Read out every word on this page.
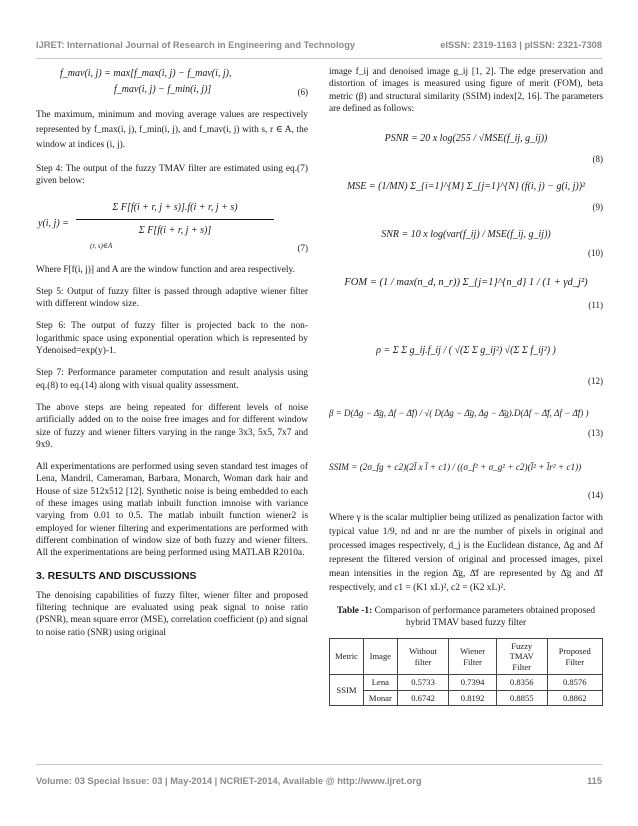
IJRET: International Journal of Research in Engineering and Technology	eISSN: 2319-1163 | pISSN: 2321-7308
f_mav(i, j) = max[f_max(i, j) − f_mav(i, j),
f_mav(i, j) − f_min(i, j)]	(6)

The maximum, minimum and moving average values are respectively represented by f_max(i, j), f_min(i, j), and f_mav(i, j) with s, r ∈ A, the window at indices (i, j).

Step 4: The output of the fuzzy TMAV filter are estimated using eq.(7) given below:

y(i, j) =
Σ F[f(i + r, j + s)].f(i + r, j + s)
Σ F[f(i + r, j + s)]
(r, s)∈A	(7)

Where F[f(i, j)] and A are the window function and area respectively.

Step 5: Output of fuzzy filter is passed through adaptive wiener filter with different window size.

Step 6: The output of fuzzy filter is projected back to the non-logarithmic space using exponential operation which is represented by Ydenoised=exp(y)-1.

Step 7: Performance parameter computation and result analysis using eq.(8) to eq.(14) along with visual quality assessment.

The above steps are being repeated for different levels of noise artificially added on to the noise free images and for different window size of fuzzy and wiener filters varying in the range 3x3, 5x5, 7x7 and 9x9.

All experimentations are performed using seven standard test images of Lena, Mandril, Cameraman, Barbara, Monarch, Woman dark hair and House of size 512x512 [12]. Synthetic noise is being embedded to each of these images using matlab inbuilt function imnoise with variance varying from 0.01 to 0.5. The matlab inbuilt function wiener2 is employed for wiener filtering and experimentations are performed with different combination of window size of both fuzzy and wiener filters. All the experimentations are being performed using MATLAB R2010a.

3. RESULTS AND DISCUSSIONS

The denoising capabilities of fuzzy filter, wiener filter and proposed filtering technique are evaluated using peak signal to noise ratio (PSNR), mean square error (MSE), correlation coefficient (ρ) and signal to noise ratio (SNR) using original

image f_ij and denoised image g_ij [1, 2]. The edge preservation and distortion of images is measured using figure of merit (FOM), beta metric (β) and structural similarity (SSIM) index[2, 16]. The parameters are defined as follows:

PSNR = 20 x log(255 / √MSE(f_ij, g_ij))
(8)
MSE = (1/MN) Σ_{i=1}^{M} Σ_{j=1}^{N} (f(i, j) − g(i, j))²
(9)
SNR = 10 x log(var(f_ij) / MSE(f_ij, g_ij))
(10)
FOM = (1 / max(n_d, n_r)) Σ_{j=1}^{n_d} 1 / (1 + γd_j²)
(11)
ρ = Σ Σ g_ij.f_ij / ( √(Σ Σ g_ij²) √(Σ Σ f_ij²) )
(12)
β = D(Δg − Δ̄g, Δf − Δ̄f) / √( D(Δg − Δ̄g, Δg − Δ̄g).D(Δf − Δ̄f, Δf − Δ̄f) )
(13)
SSIM = (2σ_fg + c2)(2l̄ x l̄ + c1) / ((σ_f² + σ_g² + c2)(l̄² + l̄r² + c1))
(14)

Where γ is the scalar multiplier being utilized as penalization factor with typical value 1/9, nd and nr are the number of pixels in original and processed images respectively, d_j is the Euclidean distance, Δg and Δf represent the filtered version of original and processed images, pixel mean intensities in the region Δ̄g, Δ̄f are represented by Δ̄g and Δ̄f respectively, and c1 = (K1 xL)², c2 = (K2 xL)².

Table -1: Comparison of performance parameters obtained proposed hybrid TMAV based fuzzy filter
Metric	Image	Without filter	Wiener Filter	Fuzzy TMAV Filter	Proposed Filter
SSIM	Lena	0.5733	0.7394	0.8356	0.8576
	Monar	0.6742	0.8192	0.8855	0.8862
Volume: 03 Special Issue: 03 | May-2014 | NCRIET-2014, Available @ http://www.ijret.org	115
